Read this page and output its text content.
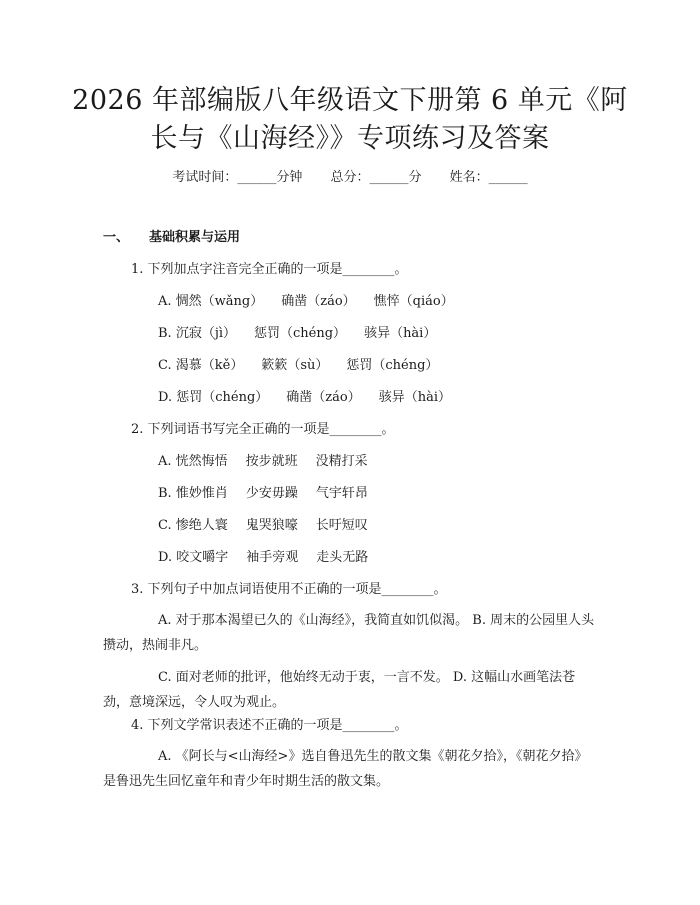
2026 年部编版八年级语文下册第 6 单元《阿
长与《山海经》》专项练习及答案
考试时间：______分钟 总分：______分 姓名：______
一、 基础积累与运用
1. 下列加点字注音完全正确的一项是________。
A. 惆然（wǎng） 确凿（záo） 憔悴（qiáo）
B. 沉寂（jì） 惩罚（chéng） 骇异（hài）
C. 渴慕（kě） 簌簌（sù） 惩罚（chéng）
D. 惩罚（chéng） 确凿（záo） 骇异（hài）
2. 下列词语书写完全正确的一项是________。
A. 恍然悔悟 按步就班 没精打采
B. 惟妙惟肖 少安毋躁 气宇轩昂
C. 惨绝人寰 鬼哭狼嚎 长吁短叹
D. 咬文嚼字 袖手旁观 走头无路
3. 下列句子中加点词语使用不正确的一项是________。
A. 对于那本渴望已久的《山海经》，我简直如饥似渴。 B. 周末的公园里人头攒动，热闹非凡。
C. 面对老师的批评，他始终无动于衷，一言不发。 D. 这幅山水画笔法苍劲，意境深远，令人叹为观止。
4. 下列文学常识表述不正确的一项是________。
A. 《阿长与<山海经>》选自鲁迅先生的散文集《朝花夕拾》，《朝花夕拾》是鲁迅先生回忆童年和青少年时期生活的散文集。
